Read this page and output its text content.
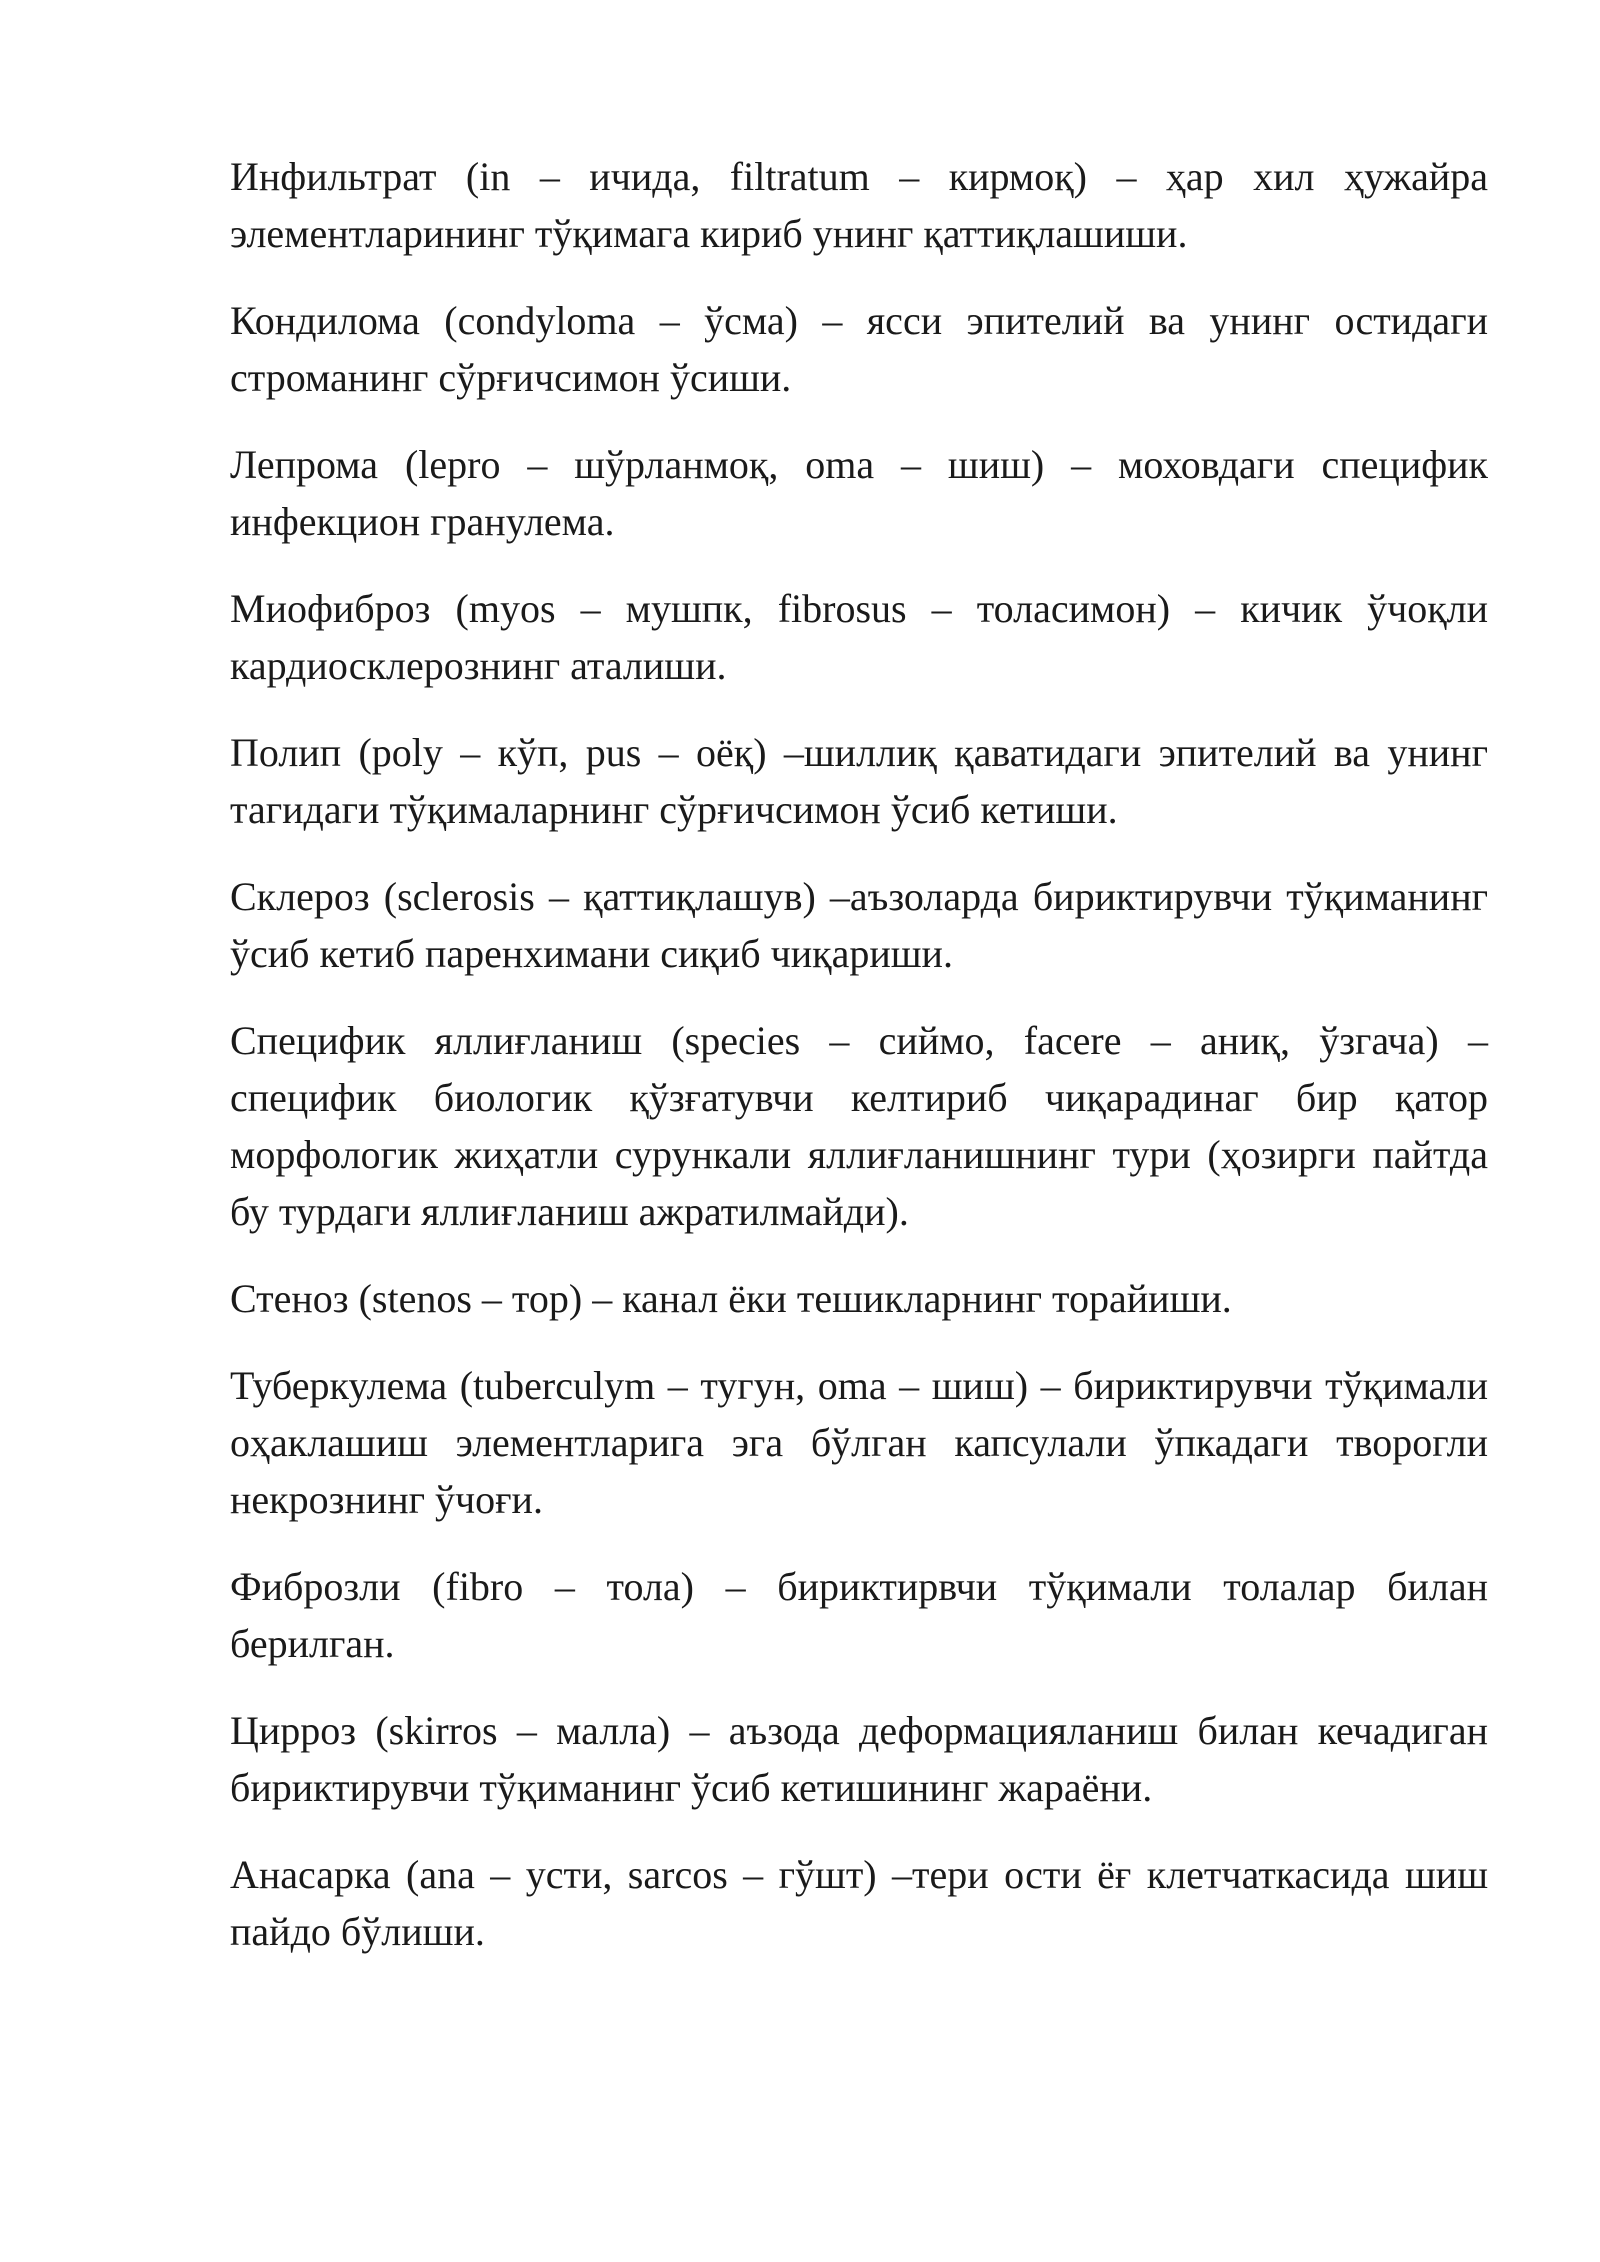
Инфильтрат (in – ичида, filtratum – кирмоқ) – ҳар хил ҳужайра элементларининг тўқимага кириб унинг қаттиқлашиши.

Кондилома (condyloma – ўсма) – ясси эпителий ва унинг остидаги строманинг сўрғичсимон ўсиши.

Лепрома (lepro – шўрланмоқ, oma – шиш) – моховдаги специфик инфекцион гранулема.

Миофиброз (myos – мушпк, fibrosus – толасимон) – кичик ўчоқли кардиосклерознинг аталиши.

Полип (poly – кўп, pus – оёқ) –шиллиқ қаватидаги эпителий ва унинг тагидаги тўқималарнинг сўрғичсимон ўсиб кетиши.

Склероз (sclerosis – қаттиқлашув) –аъзоларда бириктирувчи тўқиманинг ўсиб кетиб паренхимани сиқиб чиқариши.

Специфик яллиғланиш (species – сиймо, facere – аниқ, ўзгача) – специфик биологик қўзғатувчи келтириб чиқарадинаг бир қатор морфологик жиҳатли сурункали яллиғланишнинг тури (ҳозирги пайтда бу турдаги яллиғланиш ажратилмайди).

Стеноз (stenos – тор) – канал ёки тешикларнинг торайиши.

Туберкулема (tuberculym – тугун, oma – шиш) – бириктирувчи тўқимали оҳаклашиш элементларига эга бўлган капсулали ўпкадаги творогли некрознинг ўчоғи.

Фиброзли (fibro – тола) – бириктирвчи тўқимали толалар билан берилган.

Цирроз (skirros – малла) – аъзода деформацияланиш билан кечадиган бириктирувчи тўқиманинг ўсиб кетишининг жараёни.

Анасарка (ana – усти, sarcos – гўшт) –тери ости ёғ клетчаткасида шиш пайдо бўлиши.
